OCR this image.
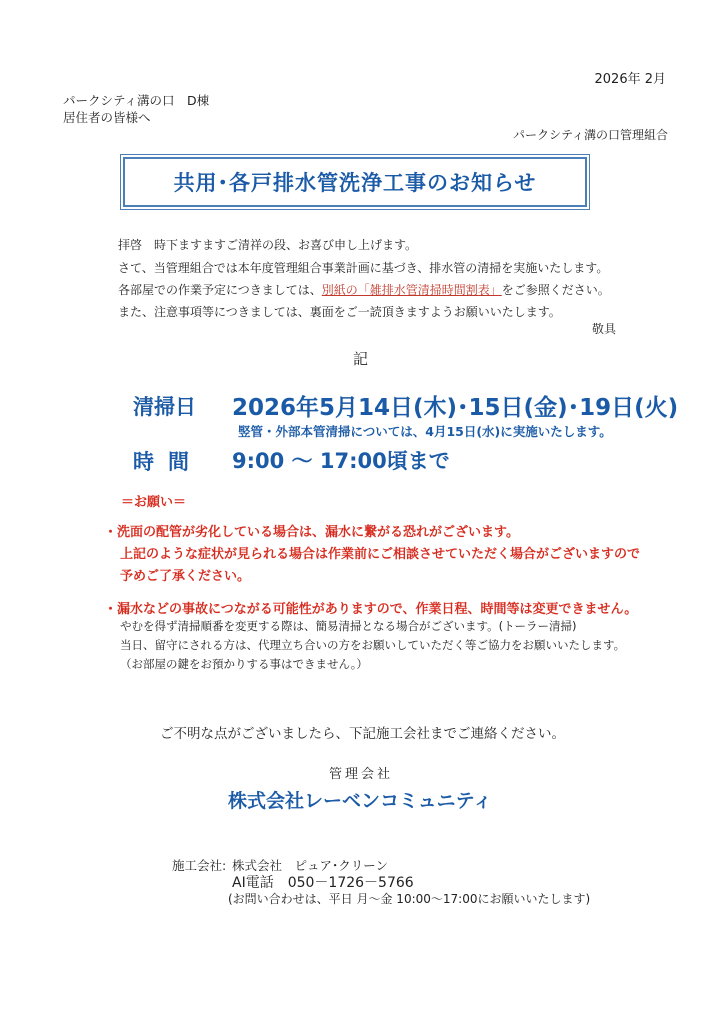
2026年 2月
パークシティ溝の口　D棟
居住者の皆様へ
パークシティ溝の口管理組合
共用･各戸排水管洗浄工事のお知らせ
拝啓　時下ますますご清祥の段、お喜び申し上げます。
さて、当管理組合では本年度管理組合事業計画に基づき、排水管の清掃を実施いたします。
各部屋での作業予定につきましては、別紙の「雑排水管清掃時間割表」をご参照ください。
また、注意事項等につきましては、裏面をご一読頂きますようお願いいたします。
敬具
記
清掃日 2026年5月14日(木)･15日(金)･19日(火)
竪管・外部本管清掃については、4月15日(水)に実施いたします。
時間 9:00 ～ 17:00頃まで
＝お願い＝
・洗面の配管が劣化している場合は、漏水に繋がる恐れがございます。
上記のような症状が見られる場合は作業前にご相談させていただく場合がございますので
予めご了承ください。
・漏水などの事故につながる可能性がありますので、作業日程、時間等は変更できません。
やむを得ず清掃順番を変更する際は、簡易清掃となる場合がございます。(トーラー清掃)
当日、留守にされる方は、代理立ち合いの方をお願いしていただく等ご協力をお願いいたします。
（お部屋の鍵をお預かりする事はできません。）
ご不明な点がございましたら、下記施工会社までご連絡ください。
管理会社
株式会社レーベンコミュニティ
施工会社: 株式会社　ピュア･クリーン
AI電話　050－1726－5766
(お問い合わせは、平日 月～金 10:00～17:00にお願いいたします)
